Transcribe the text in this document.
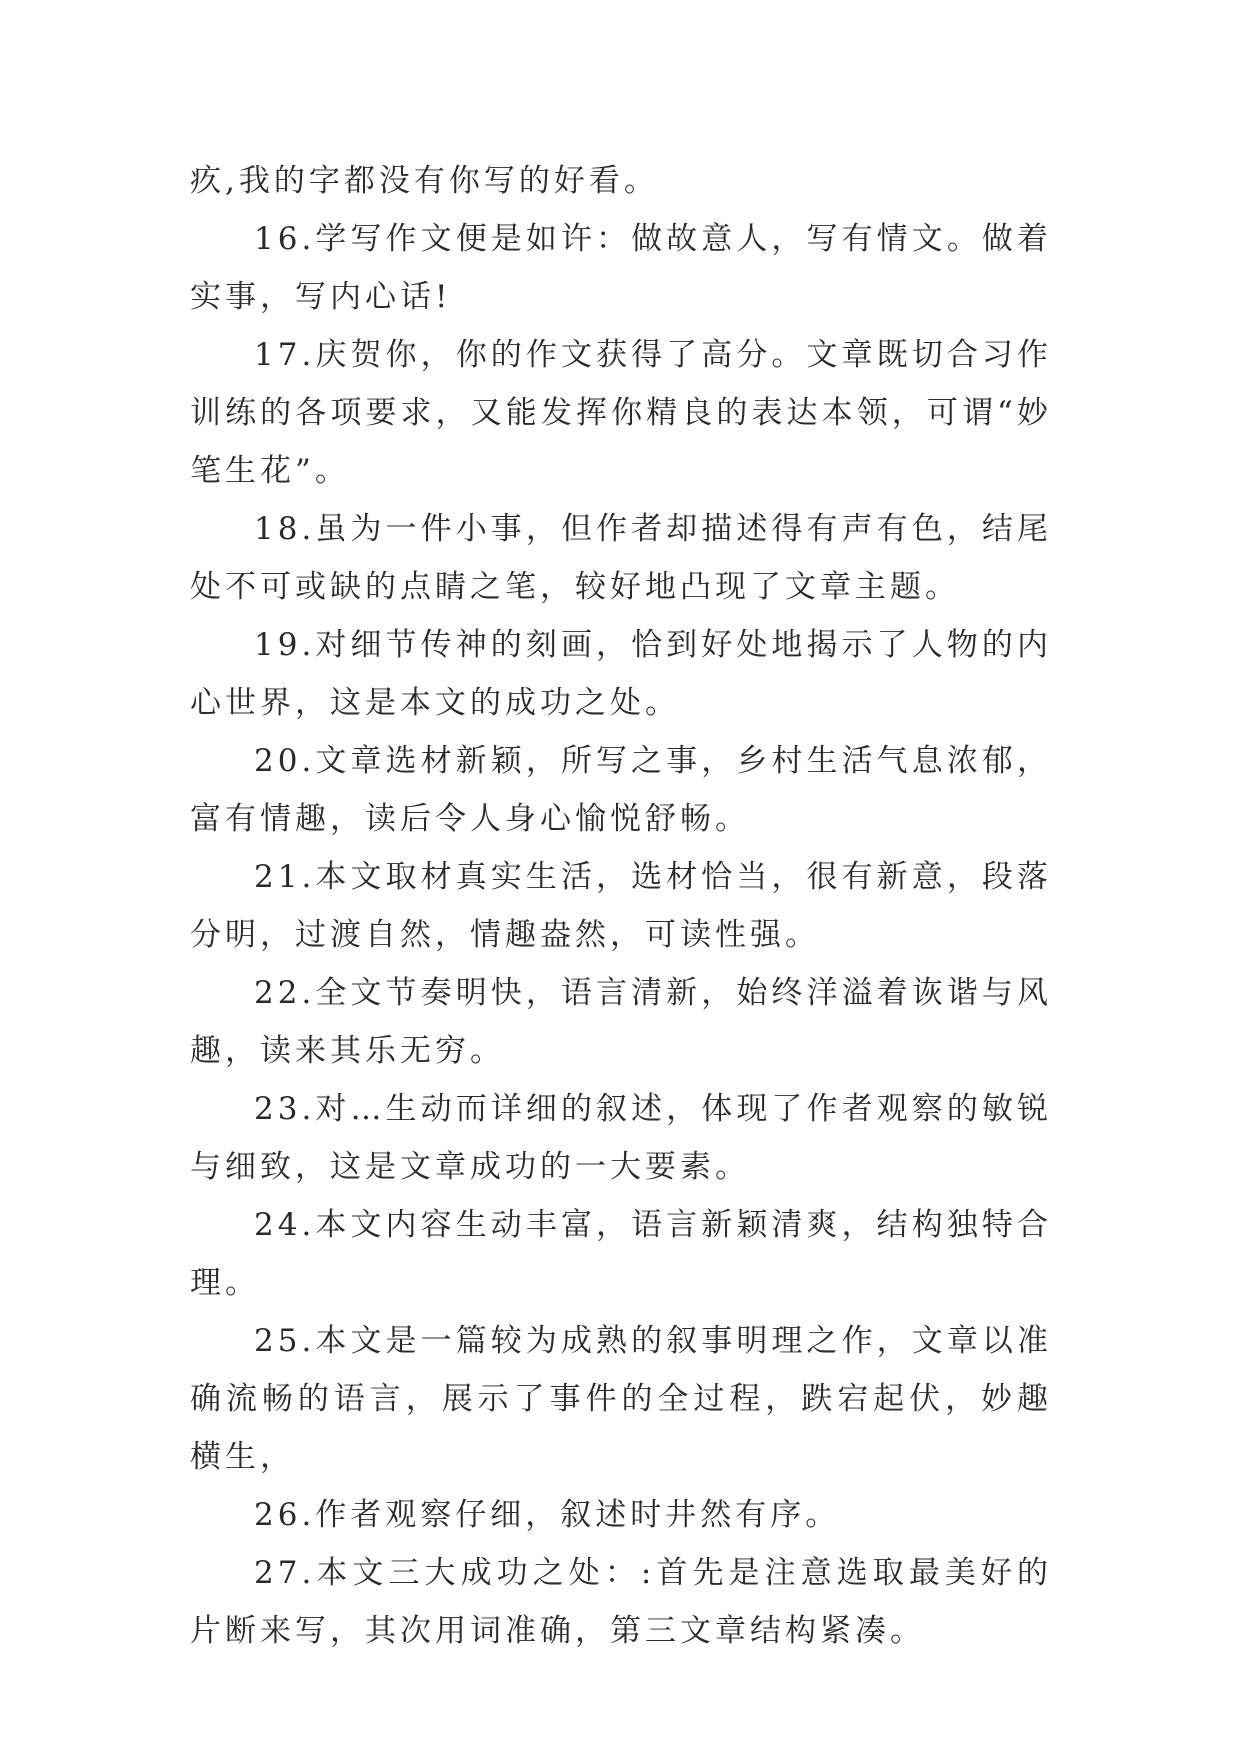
疚,我的字都没有你写的好看。

16.学写作文便是如许：做故意人，写有情文。做着实事，写内心话!

17.庆贺你，你的作文获得了高分。文章既切合习作训练的各项要求，又能发挥你精良的表达本领，可谓“妙笔生花”。

18.虽为一件小事，但作者却描述得有声有色，结尾处不可或缺的点睛之笔，较好地凸现了文章主题。

19.对细节传神的刻画，恰到好处地揭示了人物的内心世界，这是本文的成功之处。

20.文章选材新颖，所写之事，乡村生活气息浓郁，富有情趣，读后令人身心愉悦舒畅。

21.本文取材真实生活，选材恰当，很有新意，段落分明，过渡自然，情趣盎然，可读性强。

22.全文节奏明快，语言清新，始终洋溢着诙谐与风趣，读来其乐无穷。

23.对…生动而详细的叙述，体现了作者观察的敏锐与细致，这是文章成功的一大要素。

24.本文内容生动丰富，语言新颖清爽，结构独特合理。

25.本文是一篇较为成熟的叙事明理之作，文章以准确流畅的语言，展示了事件的全过程，跌宕起伏，妙趣横生，

26.作者观察仔细，叙述时井然有序。

27.本文三大成功之处：:首先是注意选取最美好的片断来写，其次用词准确，第三文章结构紧凑。
